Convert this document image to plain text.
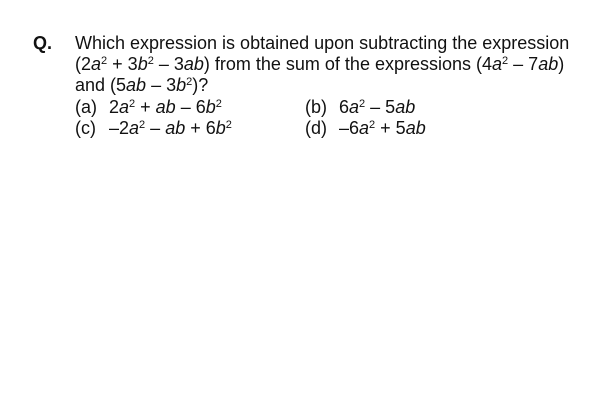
Q. Which expression is obtained upon subtracting the expression
$(2a^2 + 3b^2 - 3ab)$ from the sum of the expressions $(4a^2 - 7ab)$
and $(5ab - 3b^2)$?
(a) $2a^2$ + ab – $6b^2$	(b) $6a^2 - 5ab$
(c) $-2a^2$ – ab + $6b^2$	(d) $-6a^2 + 5ab$
